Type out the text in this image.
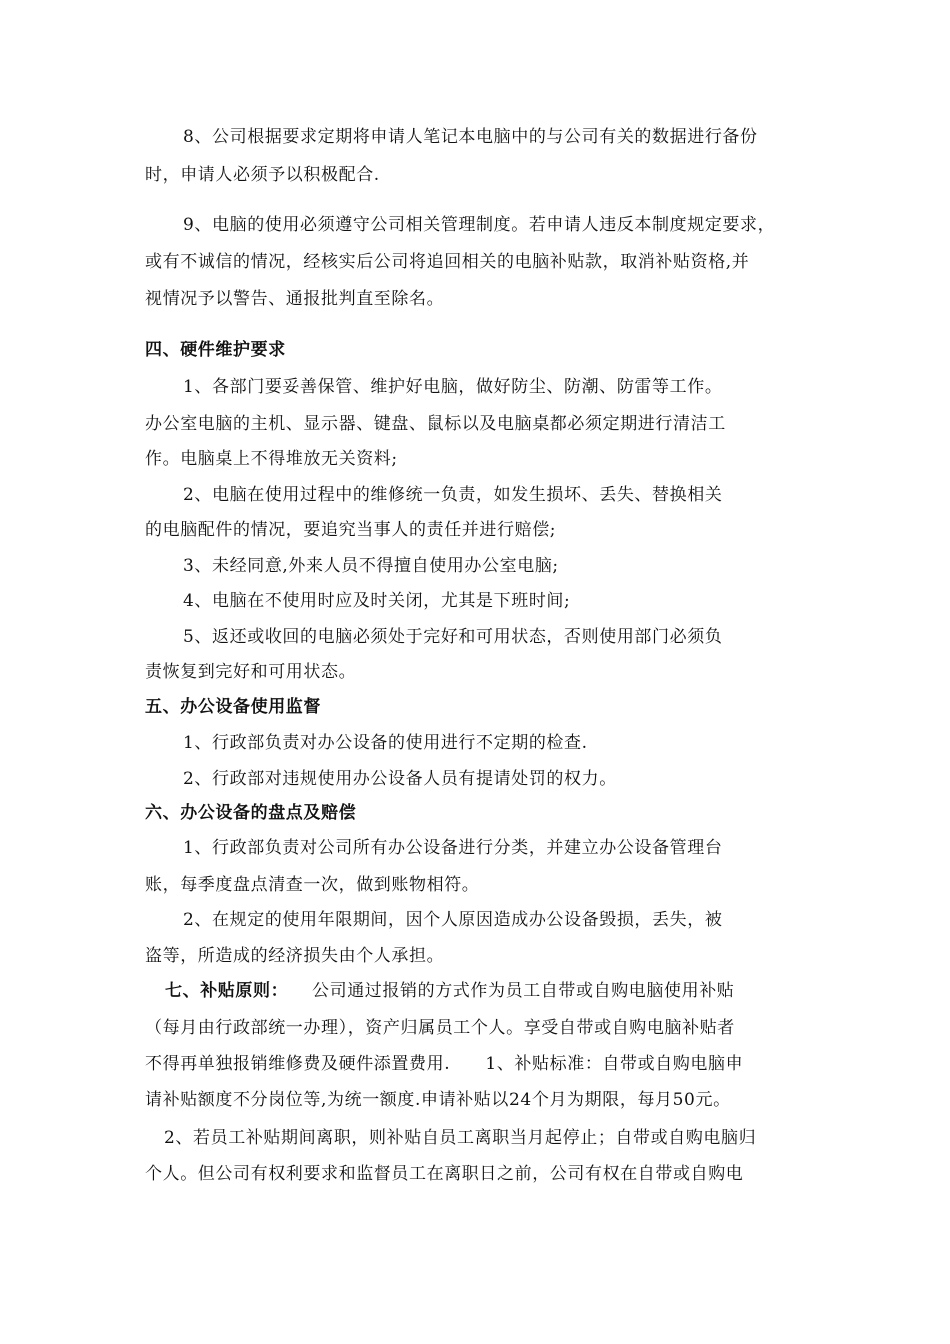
8、公司根据要求定期将申请人笔记本电脑中的与公司有关的数据进行备份
时，申请人必须予以积极配合.
9、电脑的使用必须遵守公司相关管理制度。若申请人违反本制度规定要求，
或有不诚信的情况，经核实后公司将追回相关的电脑补贴款，取消补贴资格,并
视情况予以警告、通报批判直至除名。
四、硬件维护要求
1、各部门要妥善保管、维护好电脑，做好防尘、防潮、防雷等工作。
办公室电脑的主机、显示器、键盘、鼠标以及电脑桌都必须定期进行清洁工
作。电脑桌上不得堆放无关资料;
2、电脑在使用过程中的维修统一负责，如发生损坏、丢失、替换相关
的电脑配件的情况，要追究当事人的责任并进行赔偿;
3、未经同意,外来人员不得擅自使用办公室电脑;
4、电脑在不使用时应及时关闭，尤其是下班时间;
5、返还或收回的电脑必须处于完好和可用状态，否则使用部门必须负
责恢复到完好和可用状态。
五、办公设备使用监督
1、行政部负责对办公设备的使用进行不定期的检查.
2、行政部对违规使用办公设备人员有提请处罚的权力。
六、办公设备的盘点及赔偿
1、行政部负责对公司所有办公设备进行分类，并建立办公设备管理台
账，每季度盘点清查一次，做到账物相符。
2、在规定的使用年限期间，因个人原因造成办公设备毁损，丢失，被
盗等，所造成的经济损失由个人承担。
七、补贴原则： 公司通过报销的方式作为员工自带或自购电脑使用补贴
（每月由行政部统一办理），资产归属员工个人。享受自带或自购电脑补贴者
不得再单独报销维修费及硬件添置费用.　　1、补贴标准：自带或自购电脑申
请补贴额度不分岗位等,为统一额度.申请补贴以24个月为期限，每月50元。
2、若员工补贴期间离职，则补贴自员工离职当月起停止；自带或自购电脑归
个人。但公司有权利要求和监督员工在离职日之前，公司有权在自带或自购电
